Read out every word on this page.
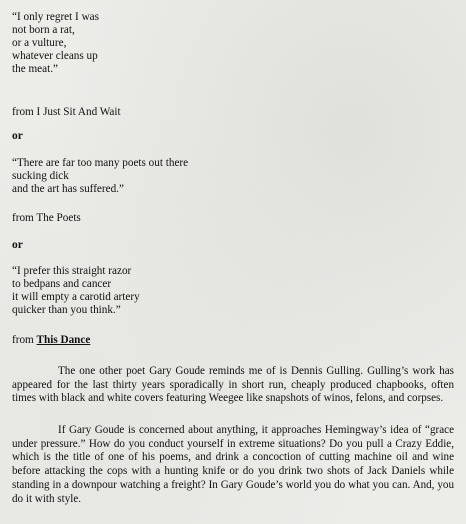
“I only regret I was
not born a rat,
or a vulture,
whatever cleans up
the meat.”
from I Just Sit And Wait
or
“There are far too many poets out there
sucking dick
and the art has suffered.”
from The Poets
or
“I prefer this straight razor
to bedpans and cancer
it will empty a carotid artery
quicker than you think.”
from This Dance
The one other poet Gary Goude reminds me of is Dennis Gulling. Gulling’s work has appeared for the last thirty years sporadically in short run, cheaply produced chapbooks, often times with black and white covers featuring Weegee like snapshots of winos, felons, and corpses.
If Gary Goude is concerned about anything, it approaches Hemingway’s idea of “grace under pressure.” How do you conduct yourself in extreme situations? Do you pull a Crazy Eddie, which is the title of one of his poems, and drink a concoction of cutting machine oil and wine before attacking the cops with a hunting knife or do you drink two shots of Jack Daniels while standing in a downpour watching a freight? In Gary Goude’s world you do what you can. And, you do it with style.
